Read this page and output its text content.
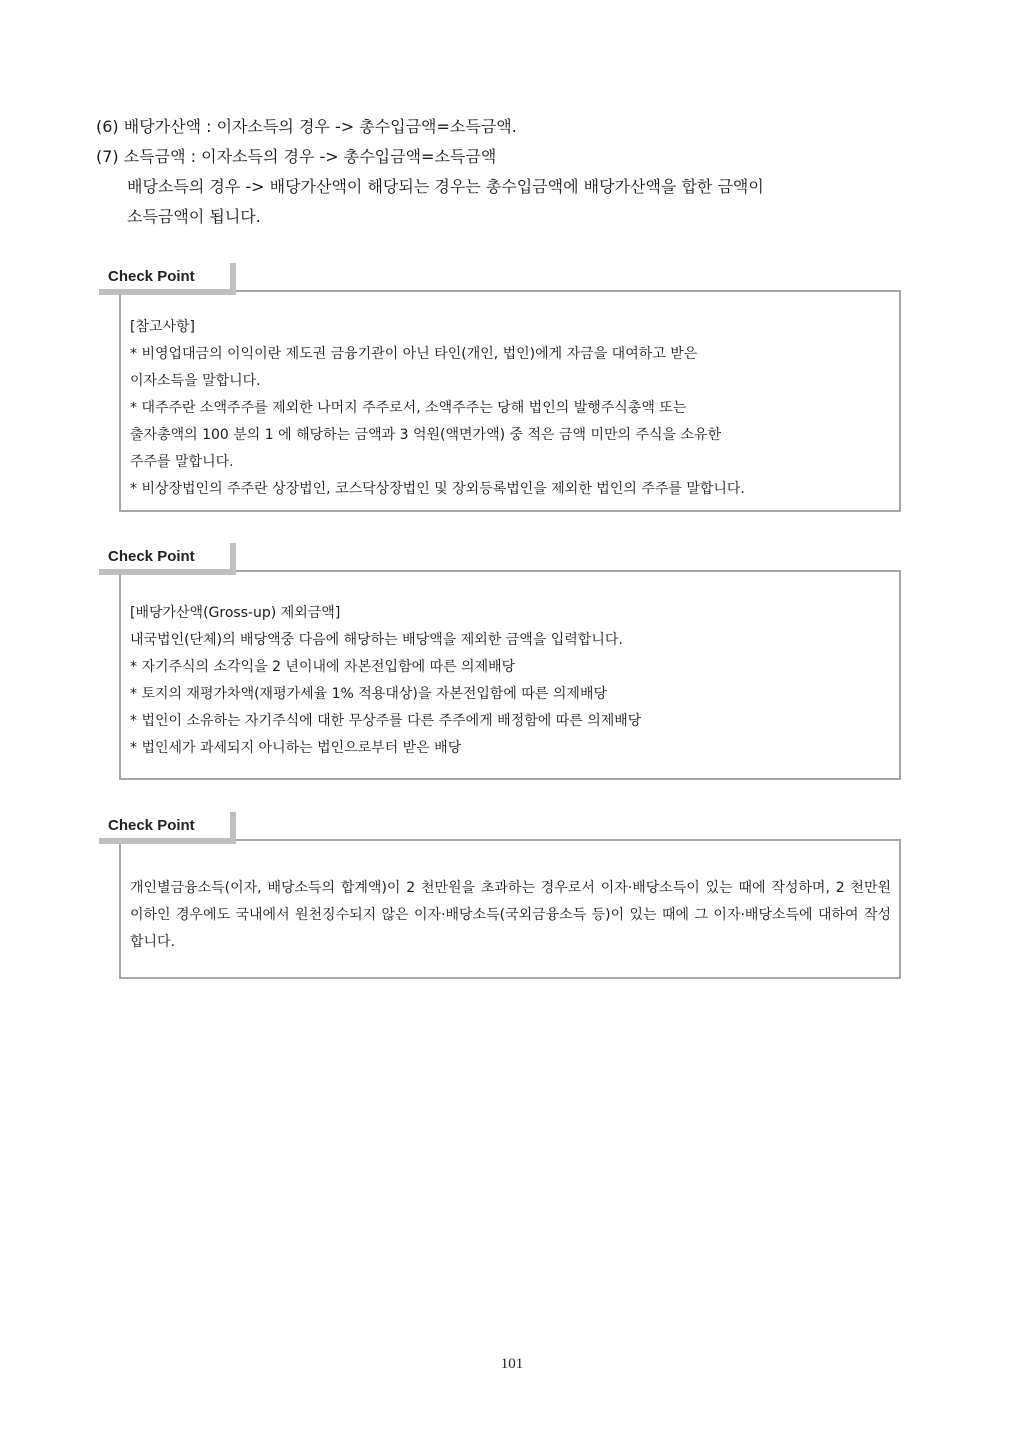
(6) 배당가산액 : 이자소득의 경우 -> 총수입금액=소득금액.
(7) 소득금액 : 이자소득의 경우 -> 총수입금액=소득금액
배당소득의 경우 -> 배당가산액이 해당되는 경우는 총수입금액에 배당가산액을 합한 금액이
소득금액이 됩니다.
[참고사항]
* 비영업대금의 이익이란 제도권 금융기관이 아닌 타인(개인, 법인)에게 자금을 대여하고 받은
이자소득을 말합니다.
* 대주주란 소액주주를 제외한 나머지 주주로서, 소액주주는 당해 법인의 발행주식총액 또는
출자총액의 100 분의 1 에 해당하는 금액과 3 억원(액면가액) 중 적은 금액 미만의 주식을 소유한
주주를 말합니다.
* 비상장법인의 주주란 상장법인, 코스닥상장법인 및 장외등록법인을 제외한 법인의 주주를 말합니다.
Check Point
[배당가산액(Gross-up) 제외금액]
내국법인(단체)의 배당액중 다음에 해당하는 배당액을 제외한 금액을 입력합니다.
* 자기주식의 소각익을 2 년이내에 자본전입함에 따른 의제배당
* 토지의 재평가차액(재평가세율 1% 적용대상)을 자본전입함에 따른 의제배당
* 법인이 소유하는 자기주식에 대한 무상주를 다른 주주에게 배정함에 따른 의제배당
* 법인세가 과세되지 아니하는 법인으로부터 받은 배당
Check Point
개인별금융소득(이자, 배당소득의 합계액)이 2 천만원을 초과하는 경우로서 이자·배당소득이 있는 때에 작성하며, 2 천만원 이하인 경우에도 국내에서 원천징수되지 않은 이자·배당소득(국외금융소득 등)이 있는 때에 그 이자·배당소득에 대하여 작성합니다.
Check Point
101
